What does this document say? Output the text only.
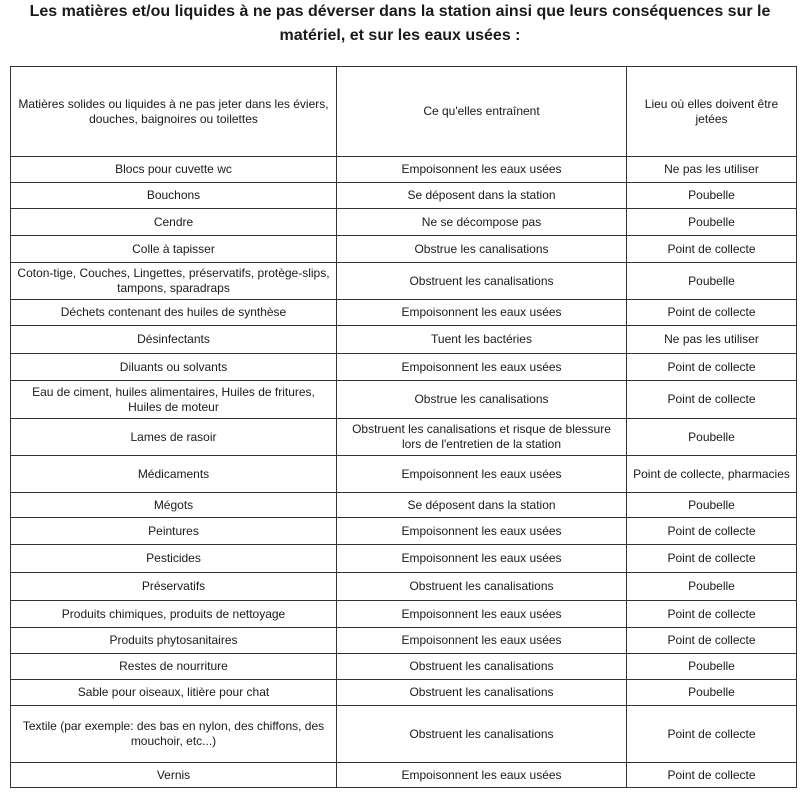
Les matières et/ou liquides à ne pas déverser dans la station ainsi que leurs conséquences sur le matériel, et sur les eaux usées :
Matières solides ou liquides à ne pas jeter dans les éviers, douches, baignoires ou toilettes	Ce qu'elles entraînent	Lieu où elles doivent être jetées
Blocs pour cuvette wc	Empoisonnent les eaux usées	Ne pas les utiliser
Bouchons	Se déposent dans la station	Poubelle
Cendre	Ne se décompose pas	Poubelle
Colle à tapisser	Obstrue les canalisations	Point de collecte
Coton-tige, Couches, Lingettes, préservatifs, protège-slips, tampons, sparadraps	Obstruent les canalisations	Poubelle
Déchets contenant des huiles de synthèse	Empoisonnent les eaux usées	Point de collecte
Désinfectants	Tuent les bactéries	Ne pas les utiliser
Diluants ou solvants	Empoisonnent les eaux usées	Point de collecte
Eau de ciment, huiles alimentaires, Huiles de fritures, Huiles de moteur	Obstrue les canalisations	Point de collecte
Lames de rasoir	Obstruent les canalisations et risque de blessure lors de l'entretien de la station	Poubelle
Médicaments	Empoisonnent les eaux usées	Point de collecte, pharmacies
Mégots	Se déposent dans la station	Poubelle
Peintures	Empoisonnent les eaux usées	Point de collecte
Pesticides	Empoisonnent les eaux usées	Point de collecte
Préservatifs	Obstruent les canalisations	Poubelle
Produits chimiques, produits de nettoyage	Empoisonnent les eaux usées	Point de collecte
Produits phytosanitaires	Empoisonnent les eaux usées	Point de collecte
Restes de nourriture	Obstruent les canalisations	Poubelle
Sable pour oiseaux, litière pour chat	Obstruent les canalisations	Poubelle
Textile (par exemple: des bas en nylon, des chiffons, des mouchoir, etc...)	Obstruent les canalisations	Point de collecte
Vernis	Empoisonnent les eaux usées	Point de collecte
